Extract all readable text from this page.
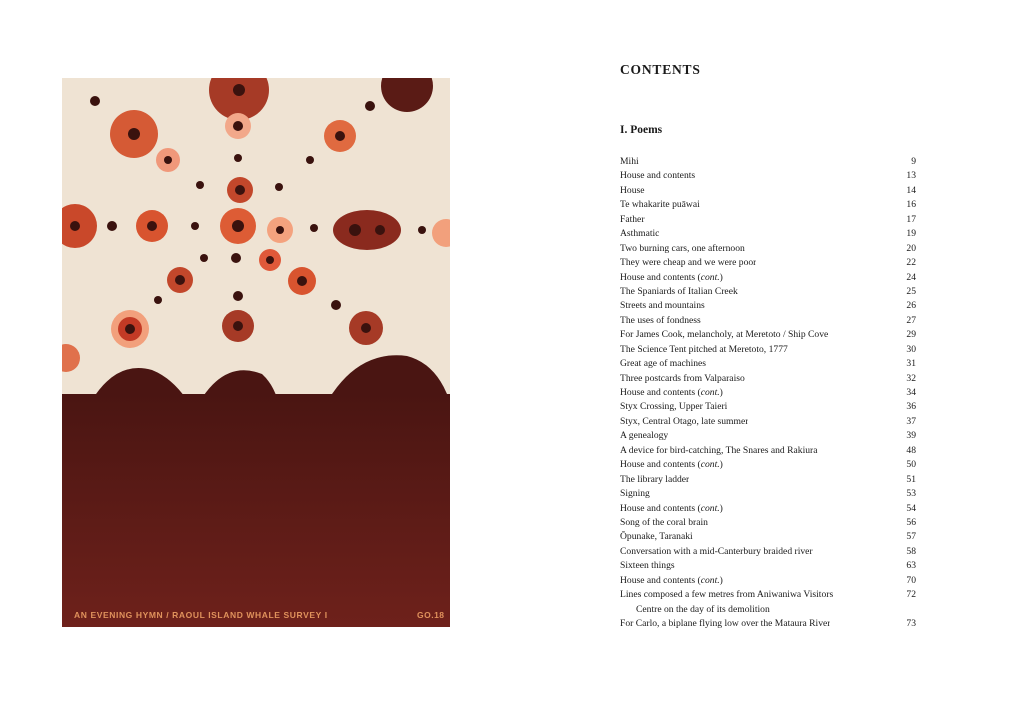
AN EVENING HYMN / RAOUL ISLAND WHALE SURVEY I	GO.18
CONTENTS
I. Poems
Mihi	9
House and contents	13
House	14
Te whakarite puāwai	16
Father	17
Asthmatic	19
Two burning cars, one afternoon	20
They were cheap and we were poor	22
House and contents (cont.)	24
The Spaniards of Italian Creek	25
Streets and mountains	26
The uses of fondness	27
For James Cook, melancholy, at Meretoto / Ship Cove	29
The Science Tent pitched at Meretoto, 1777	30
Great age of machines	31
Three postcards from Valparaiso	32
House and contents (cont.)	34
Styx Crossing, Upper Taieri	36
Styx, Central Otago, late summer	37
A genealogy	39
A device for bird-catching, The Snares and Rakiura	48
House and contents (cont.)	50
The library ladder	51
Signing	53
House and contents (cont.)	54
Song of the coral brain	56
Ōpunake, Taranaki	57
Conversation with a mid-Canterbury braided river	58
Sixteen things	63
House and contents (cont.)	70
Lines composed a few metres from Aniwaniwa Visitors	72
Centre on the day of its demolition
For Carlo, a biplane flying low over the Mataura River	73
